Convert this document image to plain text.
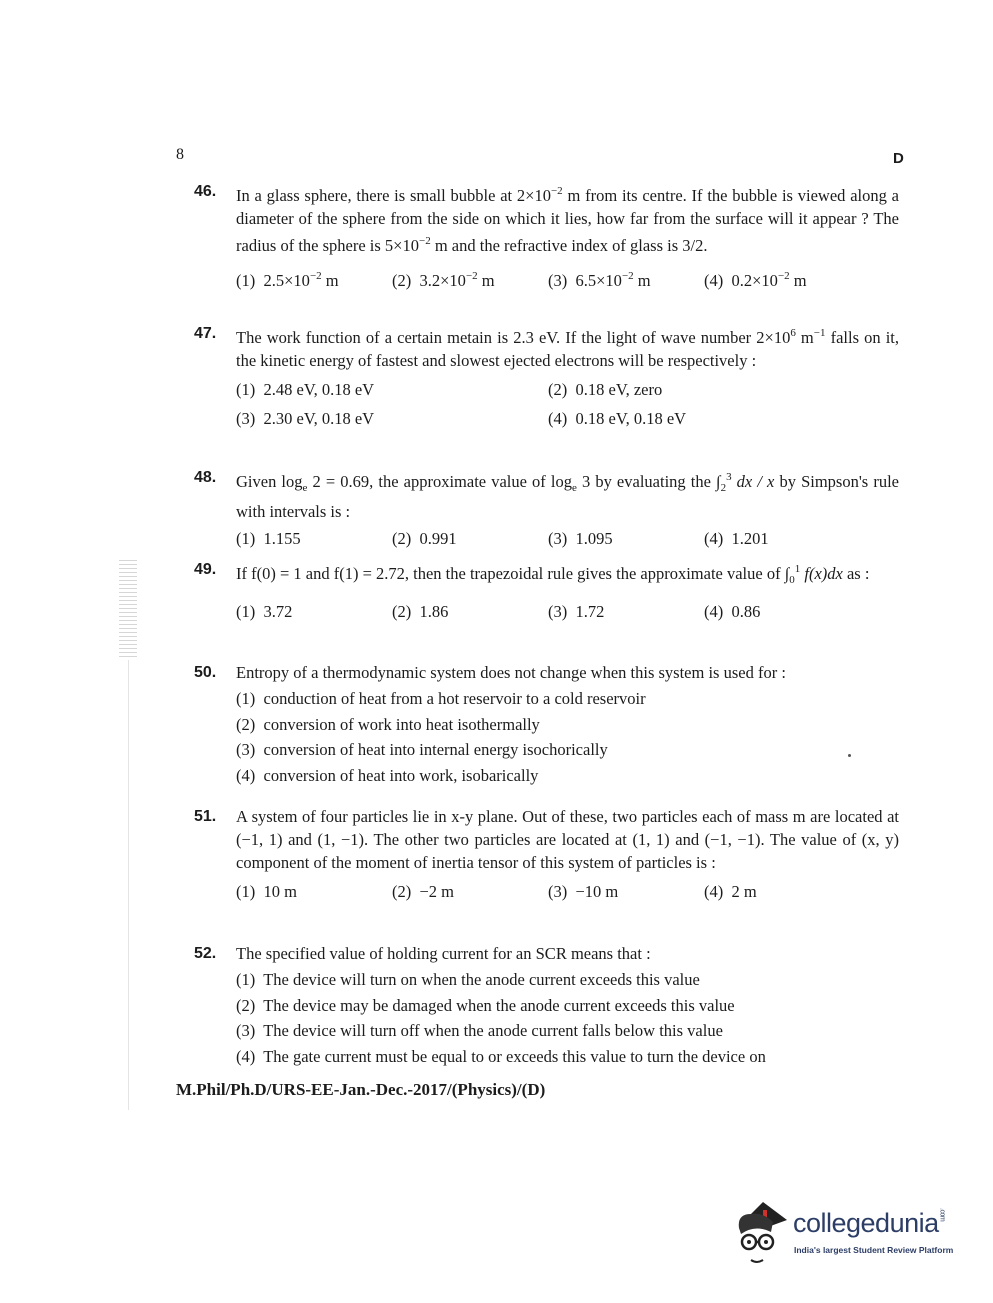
8	D
46. In a glass sphere, there is small bubble at $2\times 10^{-2}$ m from its centre. If the bubble is viewed along a diameter of the sphere from the side on which it lies, how far from the surface will it appear ? The radius of the sphere is $5\times 10^{-2}$ m and the refractive index of glass is 3/2.
(1) $2.5\times 10^{-2}$ m	(2) $3.2\times 10^{-2}$ m	(3) $6.5\times 10^{-2}$ m	(4) $0.2\times 10^{-2}$ m
47. The work function of a certain metain is 2.3 eV. If the light of wave number $2\times 10^6$ $m^{-1}$ falls on it, the kinetic energy of fastest and slowest ejected electrons will be respectively :
(1) 2.48 eV, 0.18 eV	(2) 0.18 eV, zero
(3) 2.30 eV, 0.18 eV	(4) 0.18 eV, 0.18 eV
48. Given $\log_e 2 = 0.69$, the approximate value of $\log_e 3$ by evaluating the $\int_2^3$ dx / x by Simpson's rule with intervals is :
(1) 1.155	(2) 0.991	(3) 1.095	(4) 1.201
49. If f(0) = 1 and f(1) = 2.72, then the trapezoidal rule gives the approximate value of $\int_0^1$ f(x)dx as :
(1) 3.72	(2) 1.86	(3) 1.72	(4) 0.86
50. Entropy of a thermodynamic system does not change when this system is used for :
(1) conduction of heat from a hot reservoir to a cold reservoir
(2) conversion of work into heat isothermally
(3) conversion of heat into internal energy isochorically
(4) conversion of heat into work, isobarically
51. A system of four particles lie in x-y plane. Out of these, two particles each of mass m are located at (−1, 1) and (1, −1). The other two particles are located at (1, 1) and (−1, −1). The value of (x, y) component of the moment of inertia tensor of this system of particles is :
(1) 10 m	(2) −2 m	(3) −10 m	(4) 2 m
52. The specified value of holding current for an SCR means that :
(1) The device will turn on when the anode current exceeds this value
(2) The device may be damaged when the anode current exceeds this value
(3) The device will turn off when the anode current falls below this value
(4) The gate current must be equal to or exceeds this value to turn the device on
M.Phil/Ph.D/URS-EE-Jan.-Dec.-2017/(Physics)/(D)
collegedunia.com
India's largest Student Review Platform
